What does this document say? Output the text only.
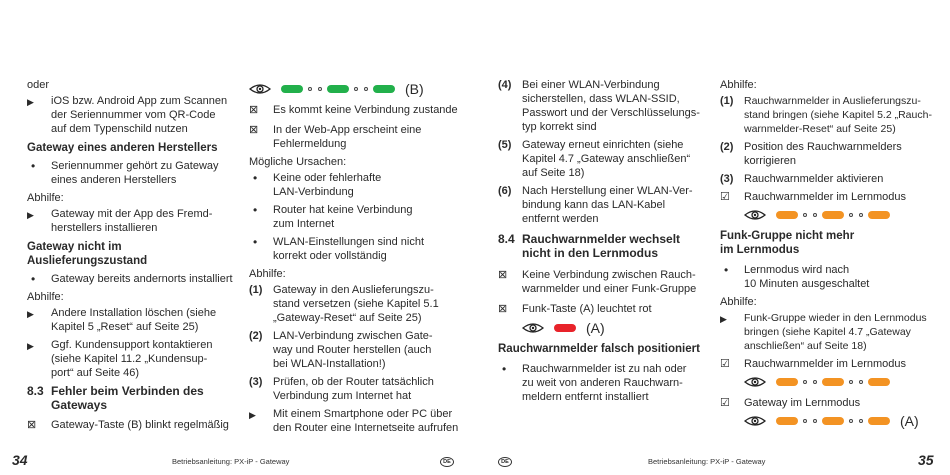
oder
▶ iOS bzw. Android App zum Scannen
der Seriennummer vom QR-Code
auf dem Typenschild nutzen
Gateway eines anderen Herstellers
• Seriennummer gehört zu Gateway
eines anderen Herstellers
Abhilfe:
▶ Gateway mit der App des Fremd-
herstellers installieren
Gateway nicht im Auslieferungszustand
• Gateway bereits andernorts installiert
Abhilfe:
▶ Andere Installation löschen (siehe
Kapitel 5 „Reset“ auf Seite 25)
▶ Ggf. Kundensupport kontaktieren
(siehe Kapitel 11.2 „Kundensup-
port“ auf Seite 46)
8.3 Fehler beim Verbinden des
Gateways
⊠ Gateway-Taste (B) blinkt regelmäßig
(B)
⊠ Es kommt keine Verbindung zustande
⊠ In der Web-App erscheint eine
Fehlermeldung
Mögliche Ursachen:
• Keine oder fehlerhafte
LAN-Verbindung
• Router hat keine Verbindung
zum Internet
• WLAN-Einstellungen sind nicht
korrekt oder vollständig
Abhilfe:
(1) Gateway in den Auslieferungszu-
stand versetzen (siehe Kapitel 5.1
„Gateway-Reset“ auf Seite 25)
(2) LAN-Verbindung zwischen Gate-
way und Router herstellen (auch
bei WLAN-Installation!)
(3) Prüfen, ob der Router tatsächlich
Verbindung zum Internet hat
▶ Mit einem Smartphone oder PC über
den Router eine Internetseite aufrufen
(4) Bei einer WLAN-Verbindung
sicherstellen, dass WLAN-SSID,
Passwort und der Verschlüsselungs-
typ korrekt sind
(5) Gateway erneut einrichten (siehe
Kapitel 4.7 „Gateway anschließen“
auf Seite 18)
(6) Nach Herstellung einer WLAN-Ver-
bindung kann das LAN-Kabel
entfernt werden
8.4 Rauchwarnmelder wechselt
nicht in den Lernmodus
⊠ Keine Verbindung zwischen Rauch-
warnmelder und einer Funk-Gruppe
⊠ Funk-Taste (A) leuchtet rot
(A)
Rauchwarnmelder falsch positioniert
• Rauchwarnmelder ist zu nah oder
zu weit von anderen Rauchwarn-
meldern entfernt installiert
Abhilfe:
(1) Rauchwarnmelder in Auslieferungszu-
stand bringen (siehe Kapitel 5.2 „Rauch-
warnmelder-Reset“ auf Seite 25)
(2) Position des Rauchwarnmelders
korrigieren
(3) Rauchwarnmelder aktivieren
☑ Rauchwarnmelder im Lernmodus
Funk-Gruppe nicht mehr
im Lernmodus
• Lernmodus wird nach
10 Minuten ausgeschaltet
Abhilfe:
▶ Funk-Gruppe wieder in den Lernmodus
bringen (siehe Kapitel 4.7 „Gateway
anschließen“ auf Seite 18)
☑ Rauchwarnmelder im Lernmodus
☑ Gateway im Lernmodus
(A)
34	Betriebsanleitung: PX-iP - Gateway	DE	DE	Betriebsanleitung: PX-iP - Gateway	35
